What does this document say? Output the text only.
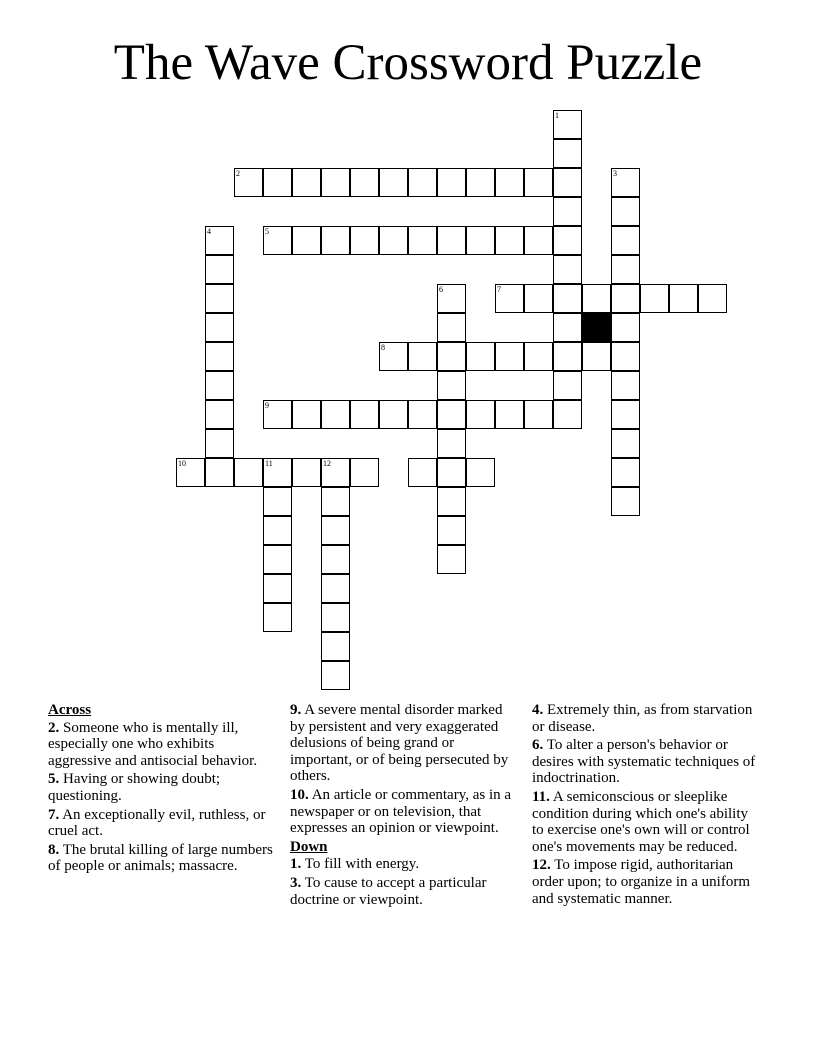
The Wave Crossword Puzzle
1
2	3
4	5
6	7
8
9
10	11	12
Across
2. Someone who is mentally ill, especially one who exhibits aggressive and antisocial behavior.
5. Having or showing doubt; questioning.
7. An exceptionally evil, ruthless, or cruel act.
8. The brutal killing of large numbers of people or animals; massacre.
9. A severe mental disorder marked by persistent and very exaggerated delusions of being grand or important, or of being persecuted by others.
10. An article or commentary, as in a newspaper or on television, that expresses an opinion or viewpoint.
Down
1. To fill with energy.
3. To cause to accept a particular doctrine or viewpoint.
4. Extremely thin, as from starvation or disease.
6. To alter a person's behavior or desires with systematic techniques of indoctrination.
11. A semiconscious or sleeplike condition during which one's ability to exercise one's own will or control one's movements may be reduced.
12. To impose rigid, authoritarian order upon; to organize in a uniform and systematic manner.
